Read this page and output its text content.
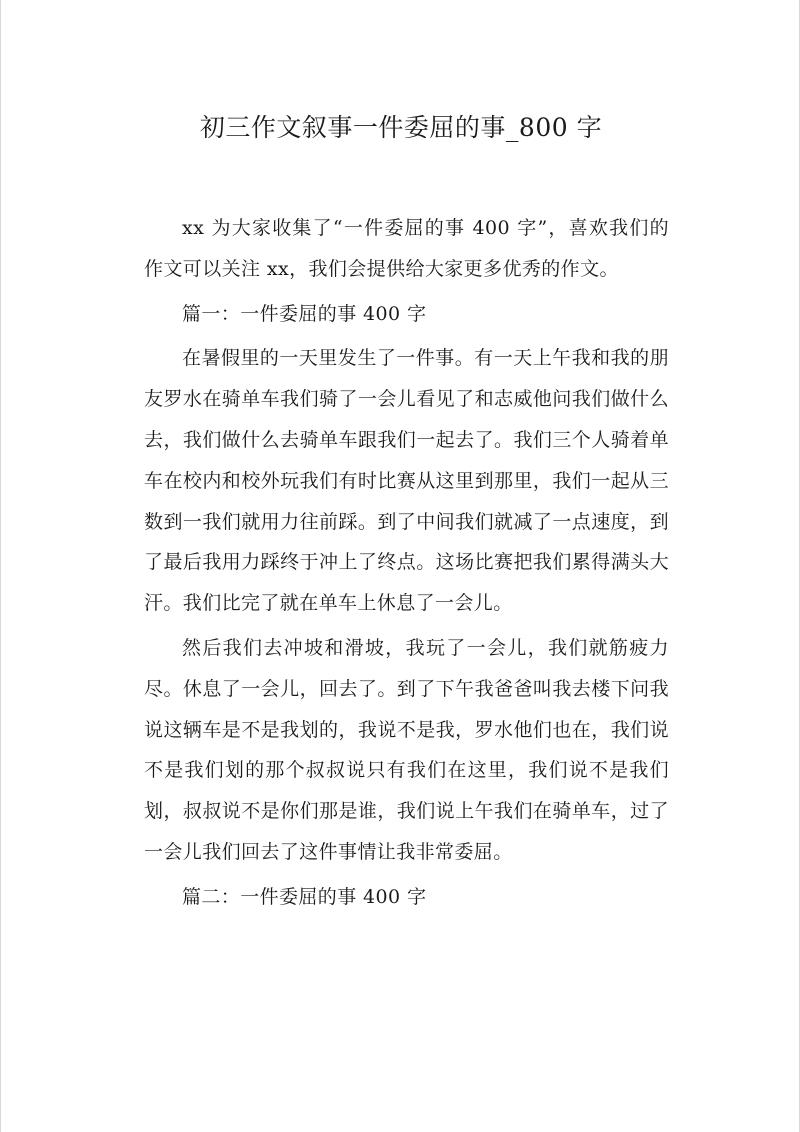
初三作文叙事一件委屈的事_800 字

xx 为大家收集了“一件委屈的事 400 字”，喜欢我们的作文可以关注 xx，我们会提供给大家更多优秀的作文。

篇一：一件委屈的事 400 字

在暑假里的一天里发生了一件事。有一天上午我和我的朋友罗水在骑单车我们骑了一会儿看见了和志威他问我们做什么去，我们做什么去骑单车跟我们一起去了。我们三个人骑着单车在校内和校外玩我们有时比赛从这里到那里，我们一起从三数到一我们就用力往前踩。到了中间我们就减了一点速度，到了最后我用力踩终于冲上了终点。这场比赛把我们累得满头大汗。我们比完了就在单车上休息了一会儿。

然后我们去冲坡和滑坡，我玩了一会儿，我们就筋疲力尽。休息了一会儿，回去了。到了下午我爸爸叫我去楼下问我说这辆车是不是我划的，我说不是我，罗水他们也在，我们说不是我们划的那个叔叔说只有我们在这里，我们说不是我们划，叔叔说不是你们那是谁，我们说上午我们在骑单车，过了一会儿我们回去了这件事情让我非常委屈。

篇二：一件委屈的事 400 字
